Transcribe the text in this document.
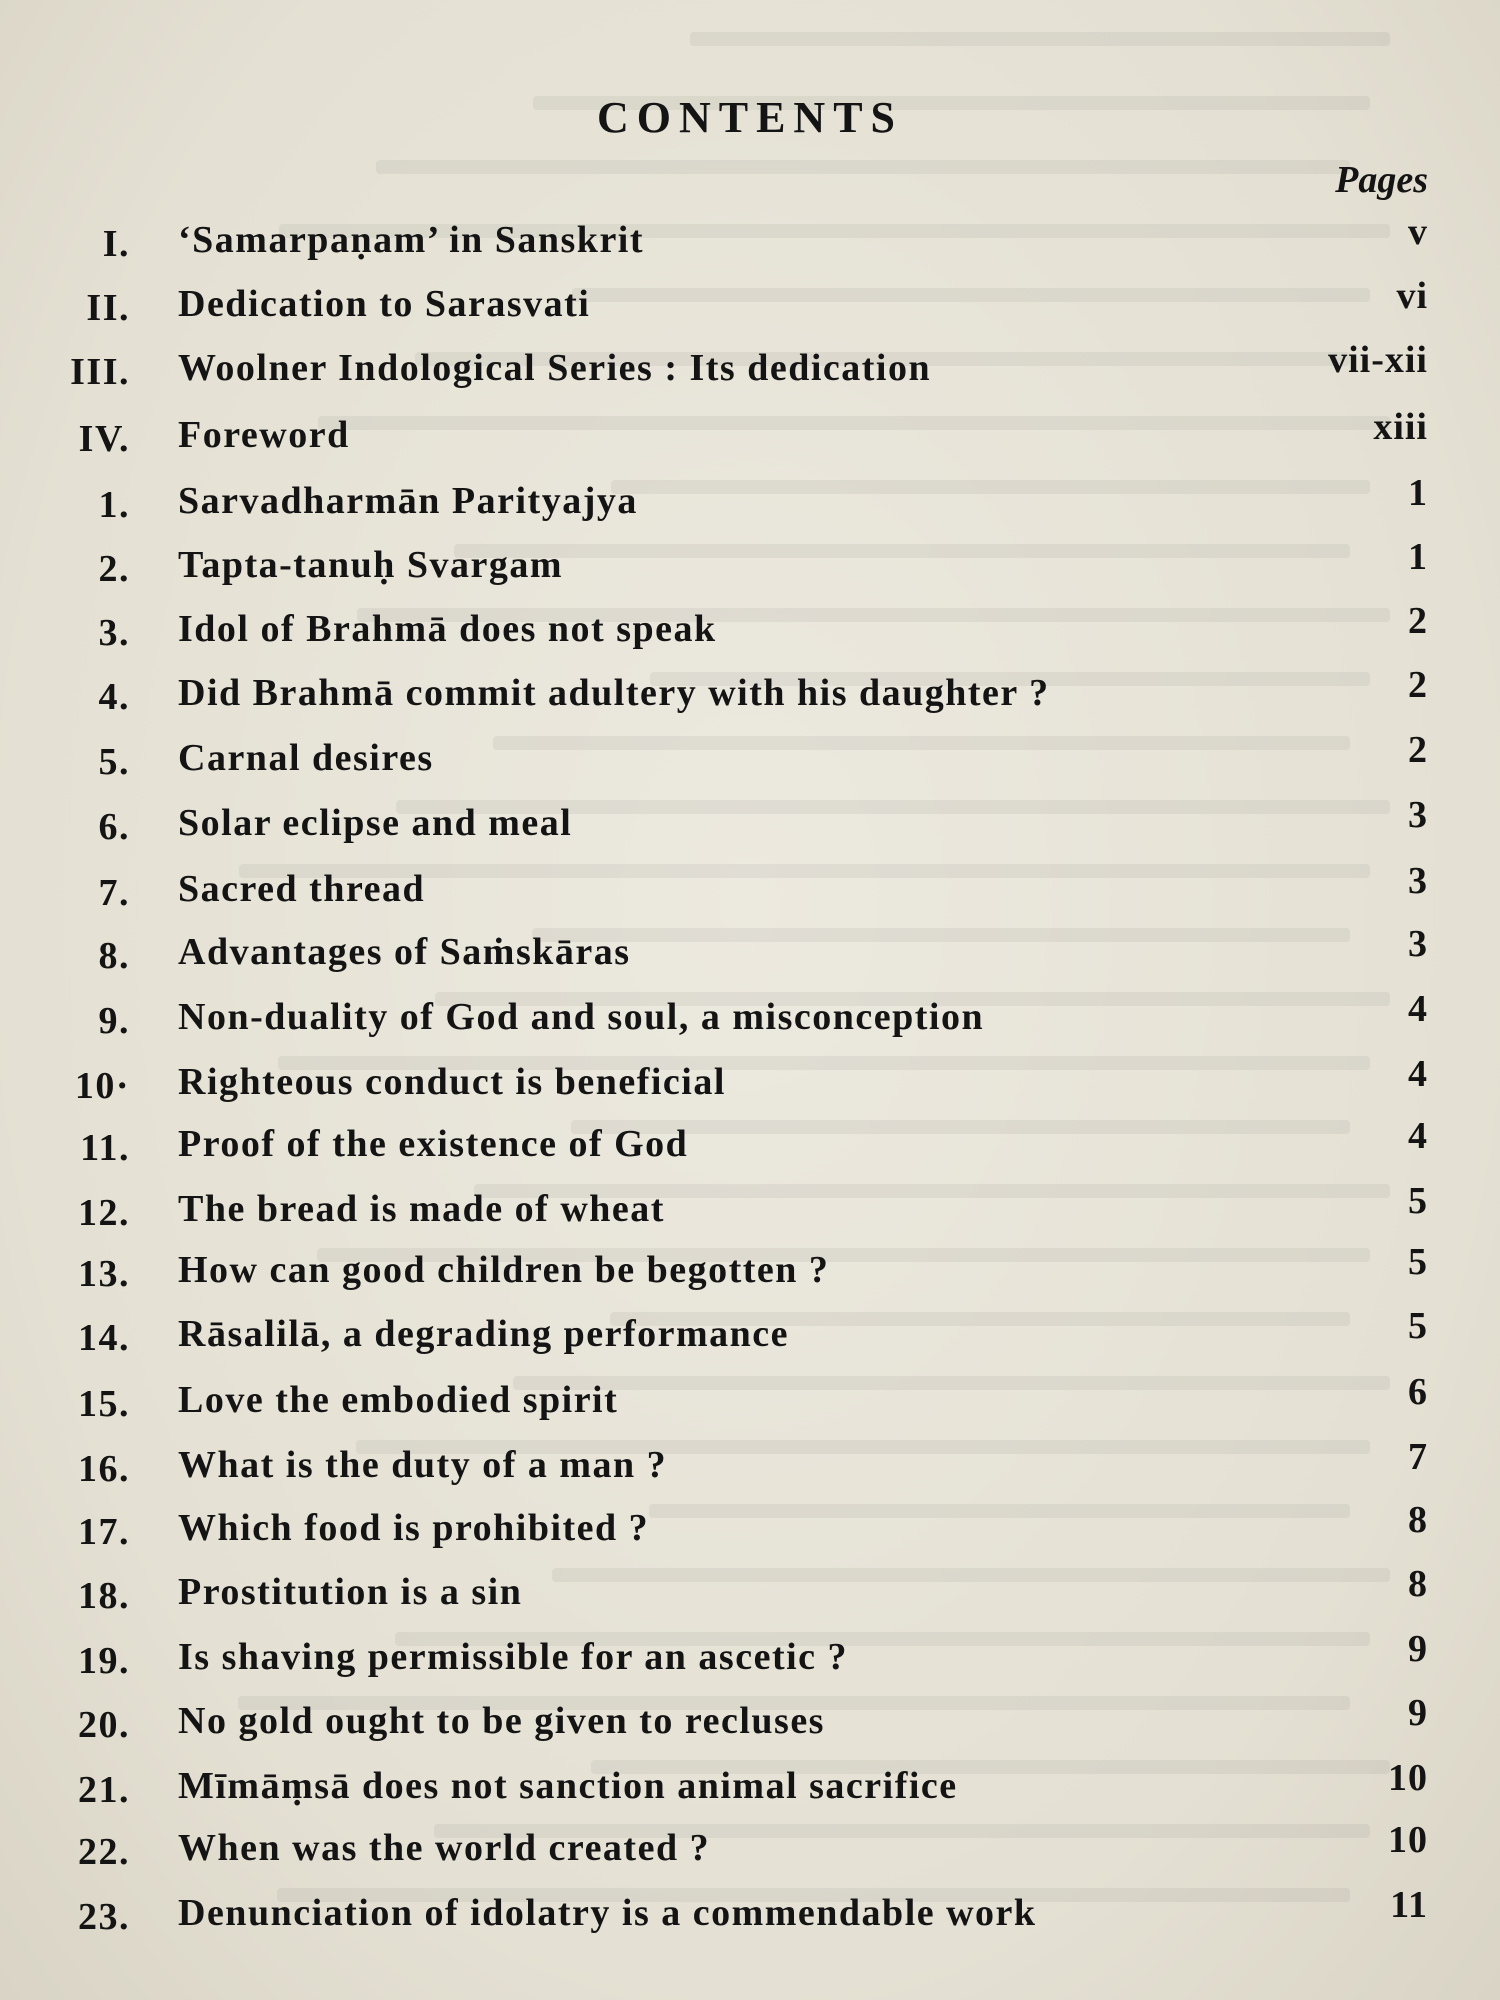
CONTENTS
Pages
I. ‘Samarpaṇam’ in Sanskrit	v
II. Dedication to Sarasvati	vi
III. Woolner Indological Series : Its dedication	vii-xii
IV. Foreword	xiii
1. Sarvadharmān Parityajya	1
2. Tapta-tanuḥ Svargam	1
3. Idol of Brahmā does not speak	2
4. Did Brahmā commit adultery with his daughter ?	2
5. Carnal desires	2
6. Solar eclipse and meal	3
7. Sacred thread	3
8. Advantages of Saṁskāras	3
9. Non-duality of God and soul, a misconception	4
10· Righteous conduct is beneficial	4
11. Proof of the existence of God	4
12. The bread is made of wheat	5
13. How can good children be begotten ?	5
14. Rāsalilā, a degrading performance	5
15. Love the embodied spirit	6
16. What is the duty of a man ?	7
17. Which food is prohibited ?	8
18. Prostitution is a sin	8
19. Is shaving permissible for an ascetic ?	9
20. No gold ought to be given to recluses	9
21. Mīmāṃsā does not sanction animal sacrifice	10
22. When was the world created ?	10
23. Denunciation of idolatry is a commendable work	11
